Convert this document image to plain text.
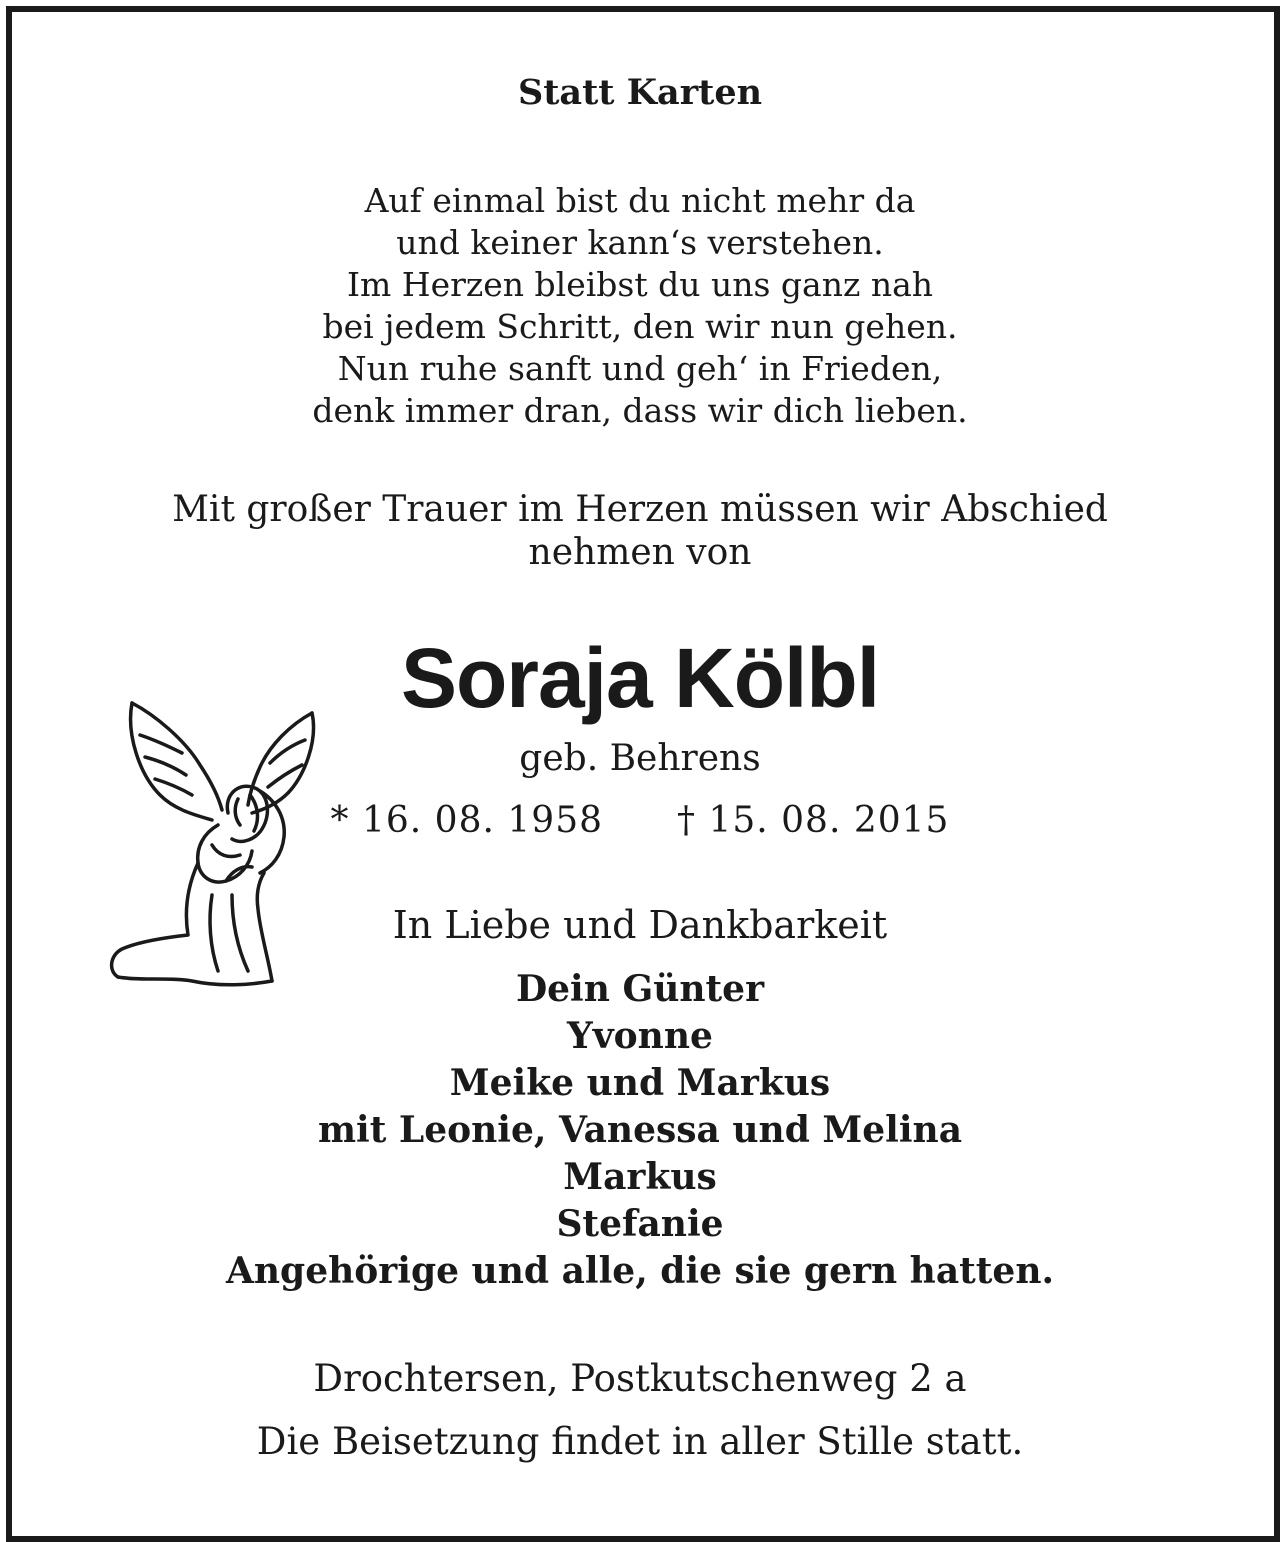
Statt Karten
Auf einmal bist du nicht mehr da
und keiner kann‘s verstehen.
Im Herzen bleibst du uns ganz nah
bei jedem Schritt, den wir nun gehen.
Nun ruhe sanft und geh‘ in Frieden,
denk immer dran, dass wir dich lieben.
Mit großer Trauer im Herzen müssen wir Abschied
nehmen von
Soraja Kölbl
geb. Behrens
* 16. 08. 1958 † 15. 08. 2015
In Liebe und Dankbarkeit
Dein Günter
Yvonne
Meike und Markus
mit Leonie, Vanessa und Melina
Markus
Stefanie
Angehörige und alle, die sie gern hatten.
Drochtersen, Postkutschenweg 2 a
Die Beisetzung findet in aller Stille statt.
